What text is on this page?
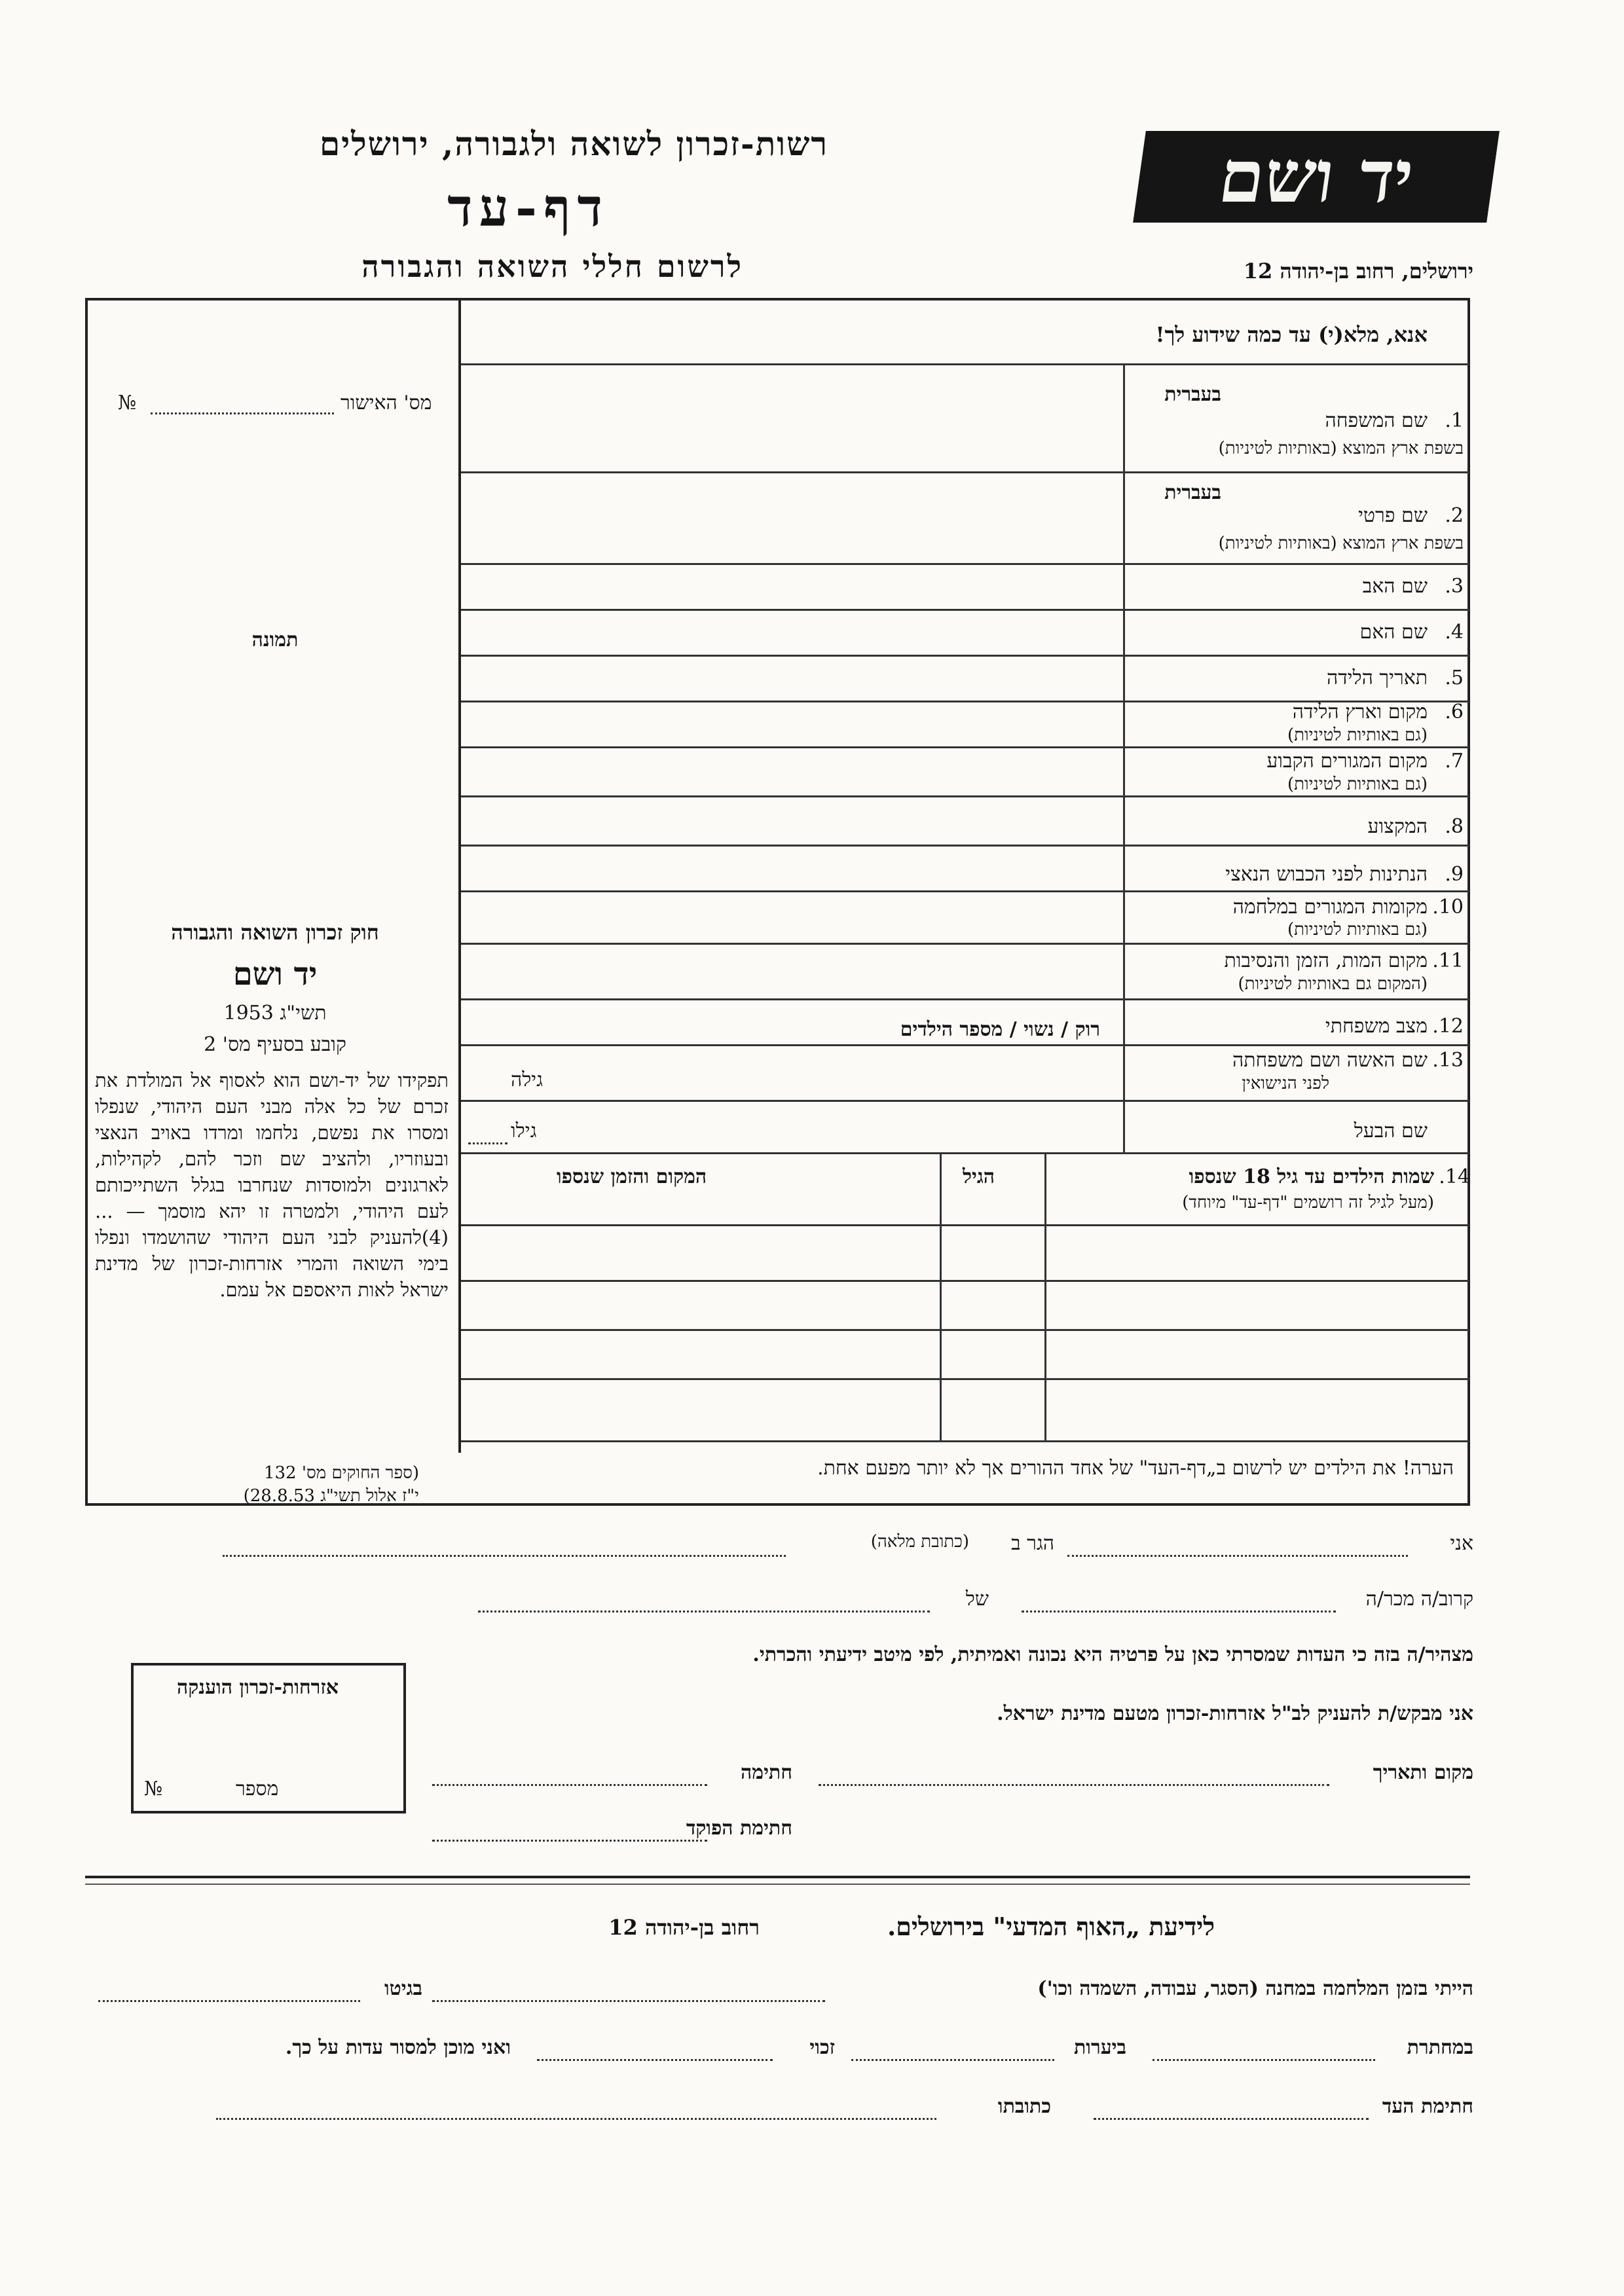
רשות-זכרון לשואה ולגבורה, ירושלים
דף-עד
לרשום חללי השואה והגבורה
יד ושם
ירושלים, רחוב בן-יהודה 12
אנא, מלא(י) עד כמה שידוע לך!
בעברית
בעברית
1.
שם המשפחה
בשפת ארץ המוצא (באותיות לטיניות)
2.
שם פרטי
בשפת ארץ המוצא (באותיות לטיניות)
3.
שם האב
4.
שם האם
5.
תאריך הלידה
6.
מקום וארץ הלידה
(גם באותיות לטיניות)
7.
מקום המגורים הקבוע
(גם באותיות לטיניות)
8.
המקצוע
9.
הנתינות לפני הכבוש הנאצי
10.
מקומות המגורים במלחמה
(גם באותיות לטיניות)
11.
מקום המות, הזמן והנסיבות
(המקום גם באותיות לטיניות)
12.
מצב משפחתי
רוק / נשוי / מספר הילדים
13.
שם האשה ושם משפחתה
לפני הנישואין
גילה
שם הבעל
גילו
14.
שמות הילדים עד גיל 18 שנספו
(מעל לגיל זה רושמים "דף-עד" מיוחד)
הגיל
המקום והזמן שנספו
הערה! את הילדים יש לרשום ב„דף-העד" של אחד ההורים אך לא יותר מפעם אחת.
№	מס' האישור
תמונה
חוק זכרון השואה והגבורה
יד ושם
תשי"ג 1953
קובע בסעיף מס' 2
תפקידו של יד-ושם הוא לאסוף אל המולדת את זכרם של כל אלה מבני העם היהודי, שנפלו ומסרו את נפשם, נלחמו ומרדו באויב הנאצי ובעוזריו, ולהציב שם וזכר להם, לקהילות, לארגונים ולמוסדות שנחרבו בגלל השתייכותם לעם היהודי, ולמטרה זו יהא מוסמך — ...(4)להעניק לבני העם היהודי שהושמדו ונפלו בימי השואה והמרי אזרחות-זכרון של מדינת ישראל לאות היאספם אל עמם.
(ספר החוקים מס' 132
י"ז אלול תשי"ג 28.8.53)
אזרחות-זכרון הוענקה
מספר
№
אני
הגר ב
(כתובת מלאה)
קרוב/ה מכר/ה
של
מצהיר/ה בזה כי העדות שמסרתי כאן על פרטיה היא נכונה ואמיתית, לפי מיטב ידיעתי והכרתי.
אני מבקש/ת להעניק לב"ל אזרחות-זכרון מטעם מדינת ישראל.
מקום ותאריך
חתימה
חתימת הפוקד
לידיעת „האוף המדעי" בירושלים.
רחוב בן-יהודה 12
הייתי בזמן המלחמה במחנה (הסגר, עבודה, השמדה וכו')
בגיטו
במחתרת
ביערות
זכוי
ואני מוכן למסור עדות על כך.
חתימת העד
כתובתו
